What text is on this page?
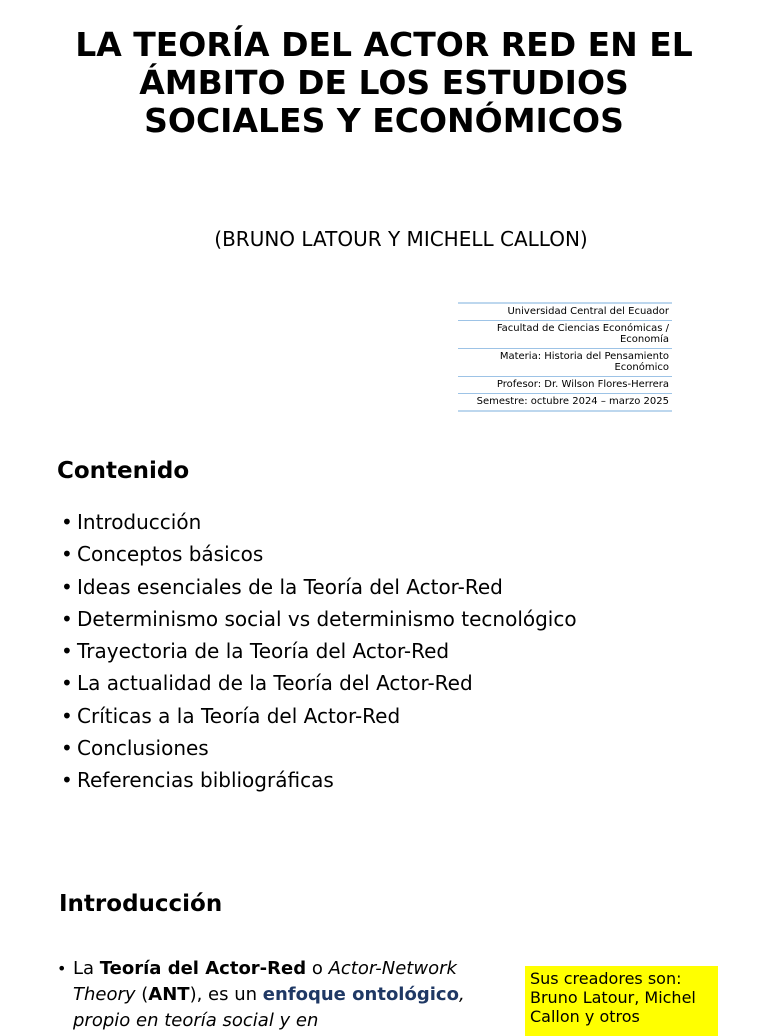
LA TEORÍA DEL ACTOR RED EN EL ÁMBITO DE LOS ESTUDIOS SOCIALES Y ECONÓMICOS
(BRUNO LATOUR Y MICHELL CALLON)
Universidad Central del Ecuador
Facultad de Ciencias Económicas / Economía
Materia: Historia del Pensamiento Económico
Profesor: Dr. Wilson Flores-Herrera
Semestre: octubre 2024 – marzo 2025
Contenido
• Introducción
• Conceptos básicos
• Ideas esenciales de la Teoría del Actor-Red
• Determinismo social vs determinismo tecnológico
• Trayectoria de la Teoría del Actor-Red
• La actualidad de la Teoría del Actor-Red
• Críticas a la Teoría del Actor-Red
• Conclusiones
• Referencias bibliográficas
Introducción

• La Teoría del Actor-Red o Actor-Network Theory (ANT), es un enfoque ontológico, propio en teoría social y en

Sus creadores son: Bruno Latour, Michel Callon y otros
